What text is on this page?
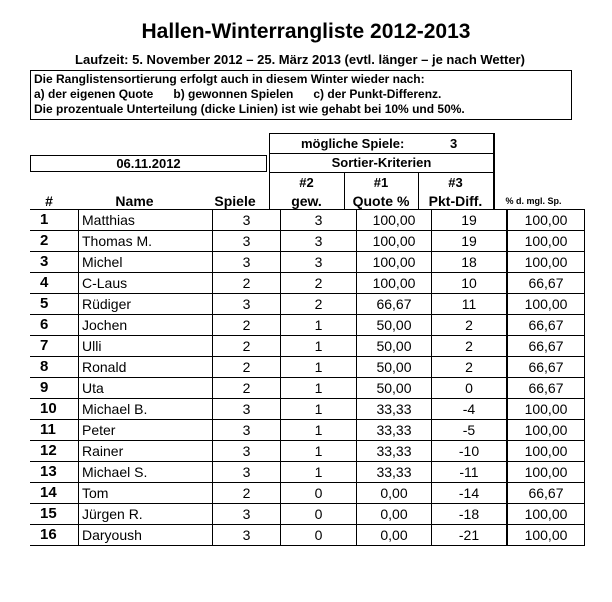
Hallen-Winterrangliste 2012-2013
Laufzeit: 5. November 2012 – 25. März 2013 (evtl. länger – je nach Wetter)
Die Ranglistensortierung erfolgt auch in diesem Winter wieder nach:
a) der eigenen Quote      b) gewonnen Spielen      c) der Punkt-Differenz.
Die prozentuale Unterteilung (dicke Linien) ist wie gehabt bei 10% und 50%.
mögliche Spiele:	3
06.11.2012	Sortier-Kriterien
#2	#1	#3
#	Name	Spiele	gew.	Quote %	Pkt-Diff.	% d. mgl. Sp.
1	Matthias	3	3	100,00	19	100,00
2	Thomas M.	3	3	100,00	19	100,00
3	Michel	3	3	100,00	18	100,00
4	C-Laus	2	2	100,00	10	66,67
5	Rüdiger	3	2	66,67	11	100,00
6	Jochen	2	1	50,00	2	66,67
7	Ulli	2	1	50,00	2	66,67
8	Ronald	2	1	50,00	2	66,67
9	Uta	2	1	50,00	0	66,67
10	Michael B.	3	1	33,33	-4	100,00
11	Peter	3	1	33,33	-5	100,00
12	Rainer	3	1	33,33	-10	100,00
13	Michael S.	3	1	33,33	-11	100,00
14	Tom	2	0	0,00	-14	66,67
15	Jürgen R.	3	0	0,00	-18	100,00
16	Daryoush	3	0	0,00	-21	100,00
